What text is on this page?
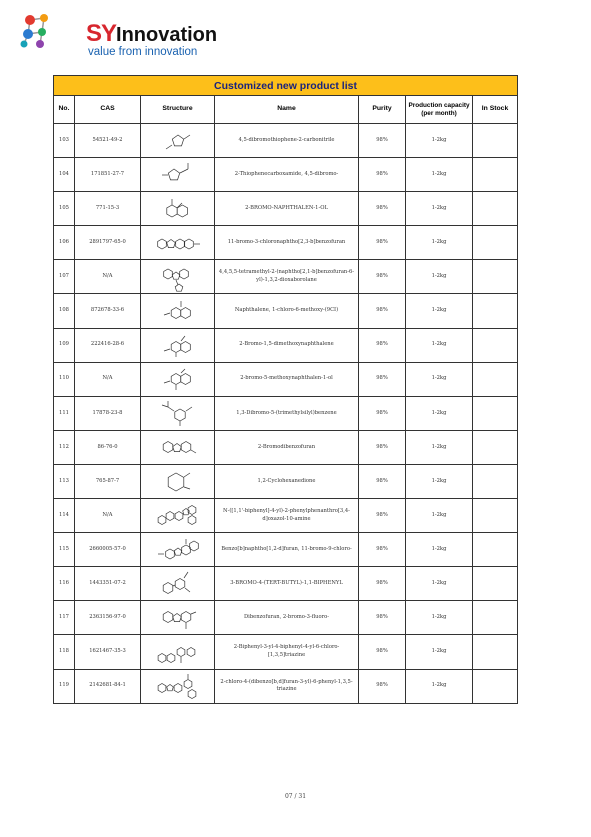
SYInnovation
value from innovation
Customized new product list						
No.	CAS	Structure	Name	Purity	Production capacity (per month)	In Stock
103	54521-49-2		4,5-dibromothiophene-2-carbonitrile	98%	1-2kg	
104	171851-27-7		2-Thiophenecarboxamide, 4,5-dibromo-	98%	1-2kg	
105	771-15-3		2-BROMO-NAPHTHALEN-1-OL	98%	1-2kg	
106	2891797-65-0		11-bromo-3-chloronaphtho[2,3-b]benzofuran	98%	1-2kg	
107	N/A		4,4,5,5-tetramethyl-2-(naphtho[2,1-b]benzofuran-6-yl)-1,3,2-dioxaborolane	98%	1-2kg	
108	872678-33-6		Naphthalene, 1-chloro-6-methoxy-(9CI)	98%	1-2kg	
109	222416-28-6		2-Bromo-1,5-dimethoxynaphthalene	98%	1-2kg	
110	N/A		2-bromo-5-methoxynaphthalen-1-ol	98%	1-2kg	
111	17878-23-8		1,3-Dibromo-5-(trimethylsilyl)benzene	98%	1-2kg	
112	86-76-0		2-Bromodibenzofuran	98%	1-2kg	
113	765-87-7		1,2-Cyclohexanedione	98%	1-2kg	
114	N/A		N-([1,1'-biphenyl]-4-yl)-2-phenylphenanthro[3,4-d]oxazol-10-amine	98%	1-2kg	
115	2660005-57-0		Benzo[b]naphtho[1,2-d]furan, 11-bromo-9-chloro-	98%	1-2kg	
116	1443351-07-2		3-BROMO-4-(TERT-BUTYL)-1,1-BIPHENYL	98%	1-2kg	
117	2363156-97-0		Dibenzofuran, 2-bromo-3-fluoro-	98%	1-2kg	
118	1621467-35-3		2-Biphenyl-3-yl-4-biphenyl-4-yl-6-chloro-[1,3,5]triazine	98%	1-2kg	
119	2142681-84-1		2-chloro-4-(dibenzo[b,d]furan-3-yl)-6-phenyl-1,3,5-triazine	98%	1-2kg	
07 / 31
